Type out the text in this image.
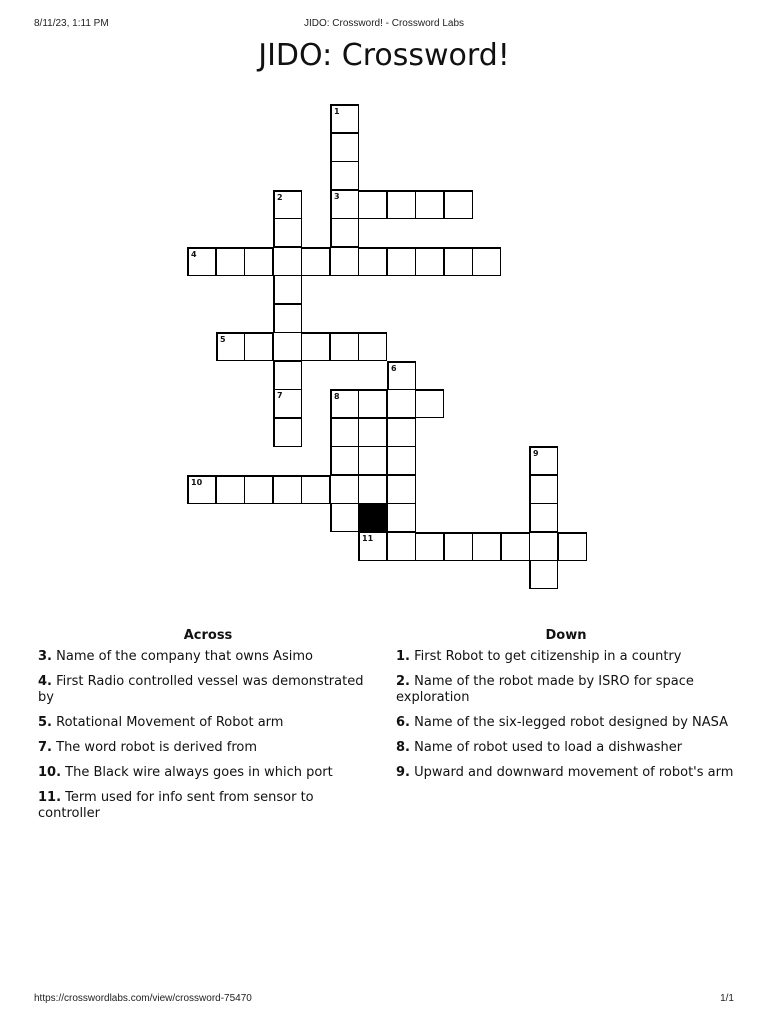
8/11/23, 1:11 PM	JIDO: Crossword! - Crossword Labs
JIDO: Crossword!
1
2	3
4
5
6
7	8
9
10
11
Across
3. Name of the company that owns Asimo
4. First Radio controlled vessel was demonstrated by
5. Rotational Movement of Robot arm
7. The word robot is derived from
10. The Black wire always goes in which port
11. Term used for info sent from sensor to controller
Down
1. First Robot to get citizenship in a country
2. Name of the robot made by ISRO for space exploration
6. Name of the six-legged robot designed by NASA
8. Name of robot used to load a dishwasher
9. Upward and downward movement of robot's arm
https://crosswordlabs.com/view/crossword-75470	1/1
